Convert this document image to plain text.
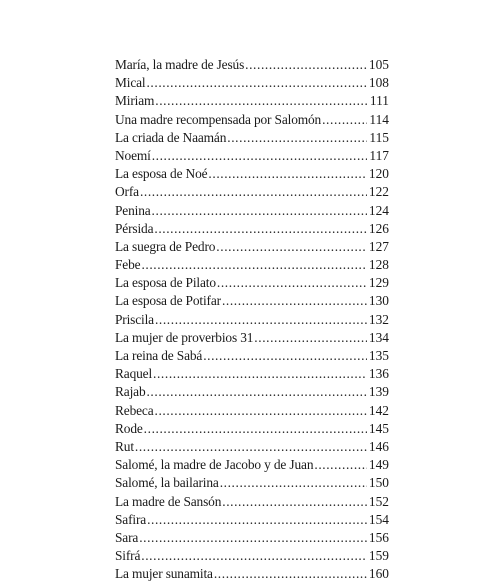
María, la madre de Jesús .....	105
Mical .....	108
Miriam .....	111
Una madre recompensada por Salomón .....	114
La criada de Naamán .....	115
Noemí .....	117
La esposa de Noé .....	120
Orfa .....	122
Penina .....	124
Pérsida .....	126
La suegra de Pedro .....	127
Febe .....	128
La esposa de Pilato .....	129
La esposa de Potifar .....	130
Priscila .....	132
La mujer de proverbios 31 .....	134
La reina de Sabá .....	135
Raquel .....	136
Rajab .....	139
Rebeca .....	142
Rode .....	145
Rut .....	146
Salomé, la madre de Jacobo y de Juan .....	149
Salomé, la bailarina .....	150
La madre de Sansón .....	152
Safira .....	154
Sara .....	156
Sifrá .....	159
La mujer sunamita .....	160
